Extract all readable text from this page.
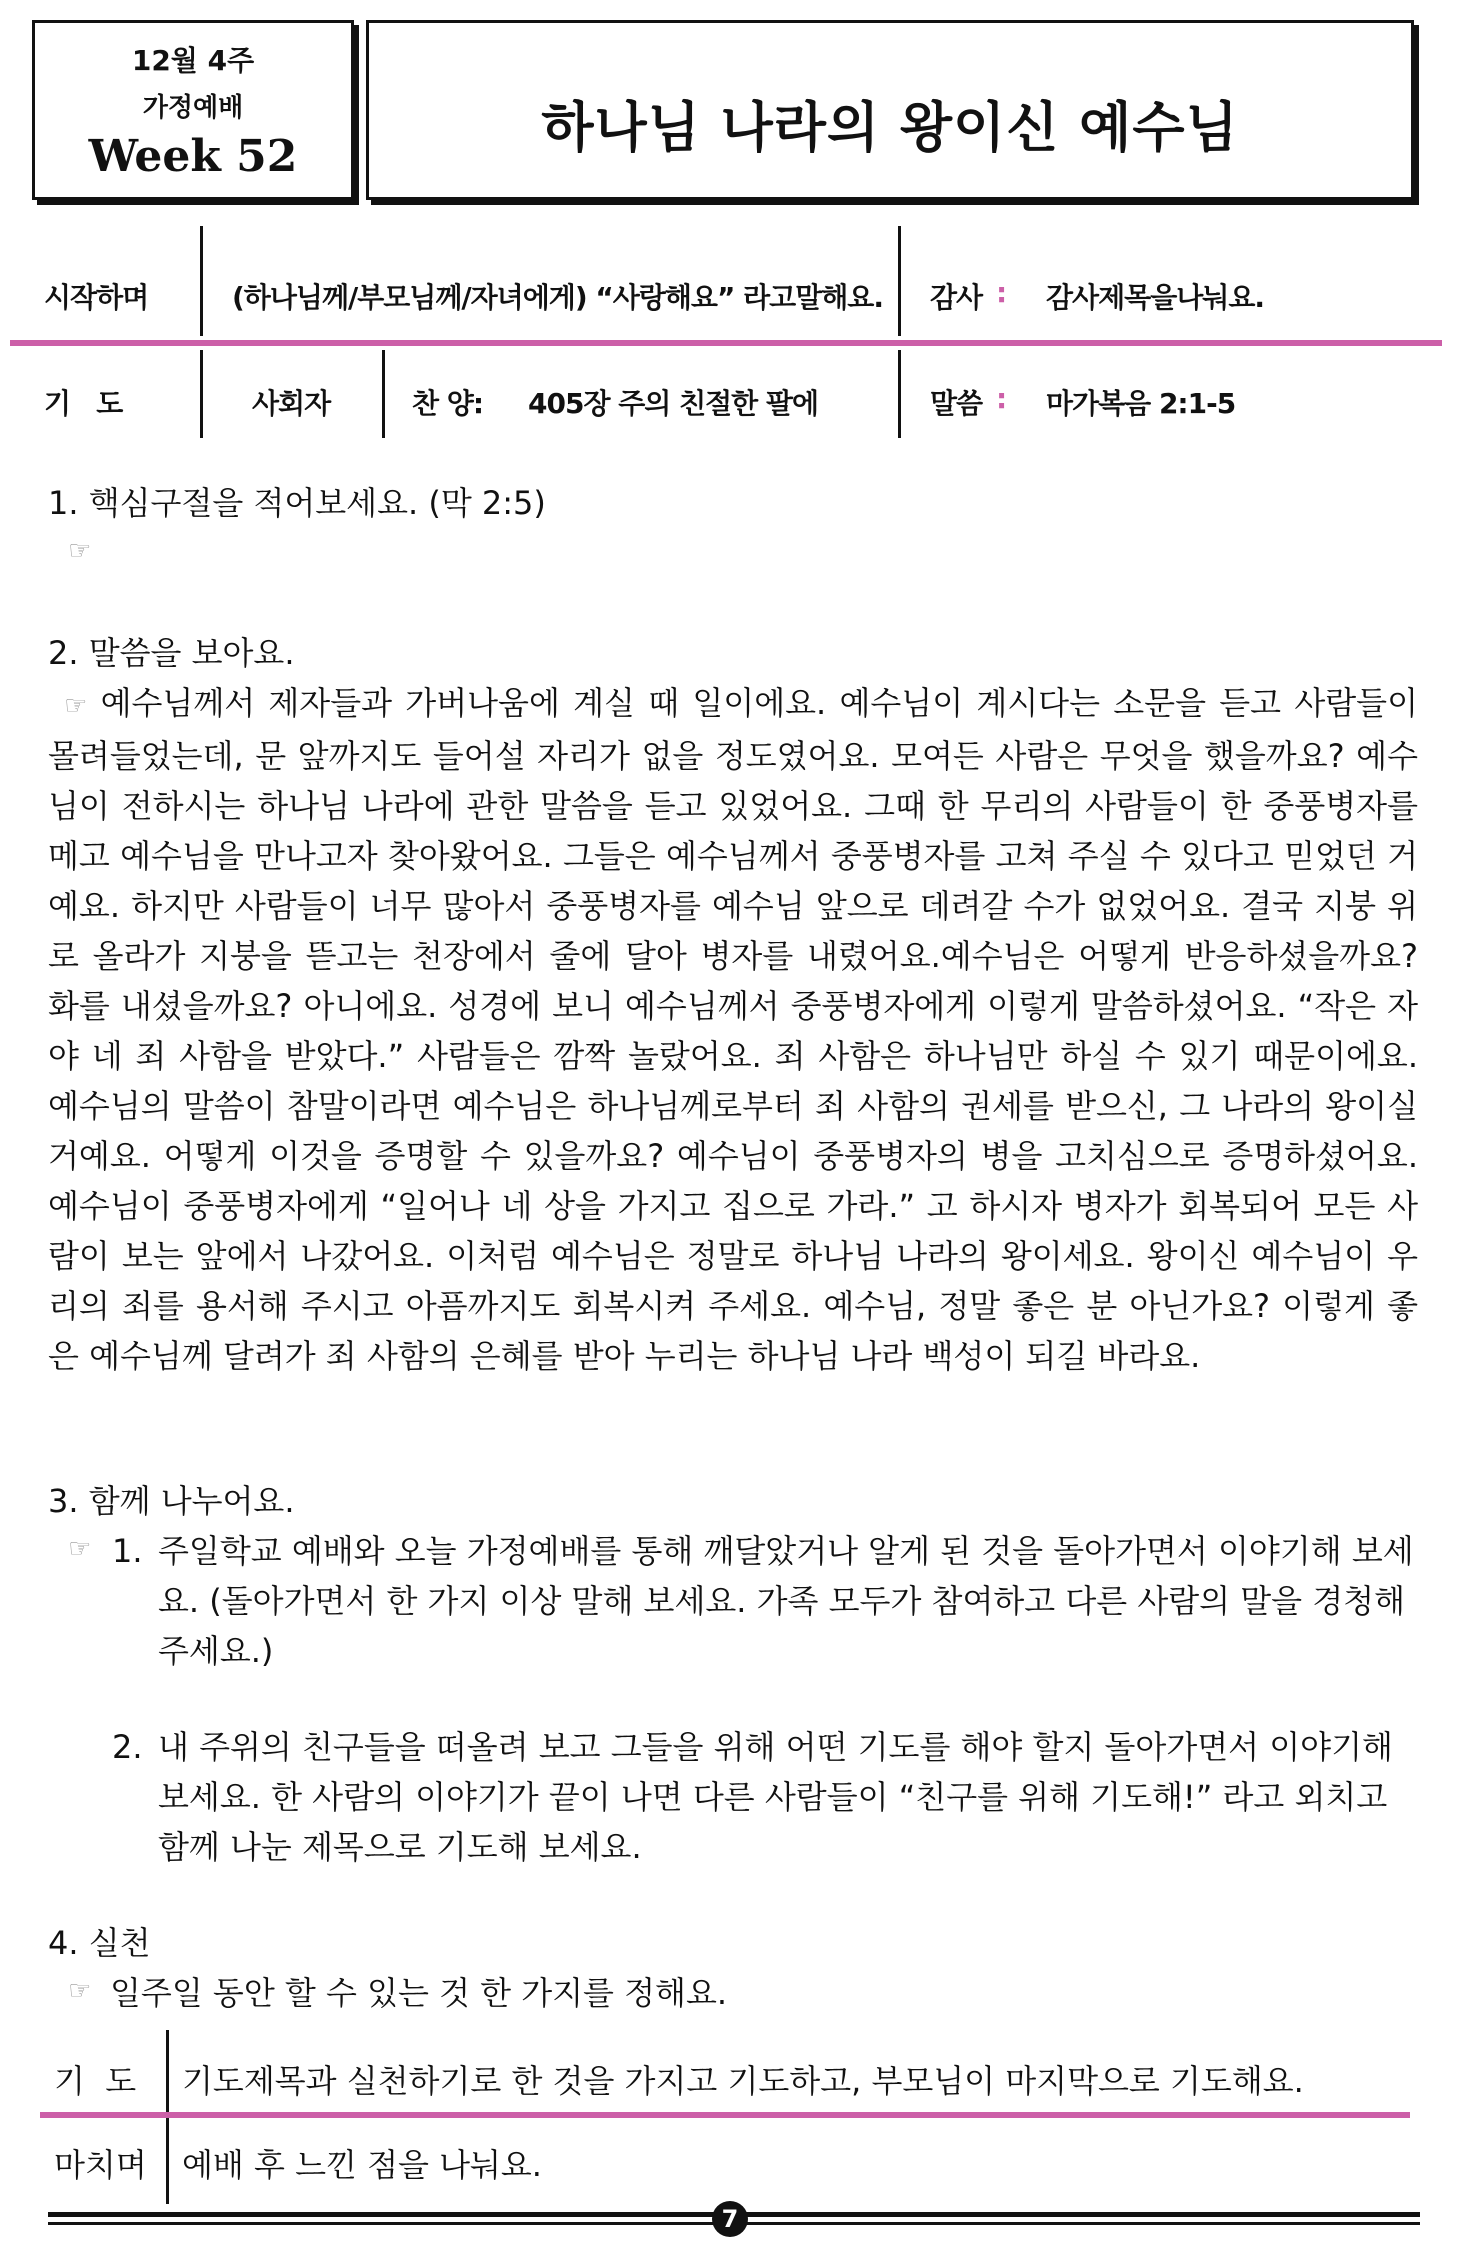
12월 4주
가정예배
Week 52	하나님 나라의 왕이신 예수님
시작하며	(하나님께/부모님께/자녀에게) “사랑해요” 라고말해요. 감사 : 감사제목을나눠요.
기   도	사회자	찬 양: 405장 주의 친절한 팔에	말씀 : 마가복음 2:1-5
1. 핵심구절을 적어보세요. (막 2:5)
☞
2. 말씀을 보아요.
☞ 예수님께서 제자들과 가버나움에 계실 때 일이에요. 예수님이 계시다는 소문을 듣고 사람들이 몰려들었는데, 문 앞까지도 들어설 자리가 없을 정도였어요. 모여든 사람은 무엇을 했을까요? 예수님이 전하시는 하나님 나라에 관한 말씀을 듣고 있었어요. 그때 한 무리의 사람들이 한 중풍병자를 메고 예수님을 만나고자 찾아왔어요. 그들은 예수님께서 중풍병자를 고쳐 주실 수 있다고 믿었던 거예요. 하지만 사람들이 너무 많아서 중풍병자를 예수님 앞으로 데려갈 수가 없었어요. 결국 지붕 위로 올라가 지붕을 뜯고는 천장에서 줄에 달아 병자를 내렸어요.예수님은 어떻게 반응하셨을까요? 화를 내셨을까요? 아니에요. 성경에 보니 예수님께서 중풍병자에게 이렇게 말씀하셨어요. “작은 자야 네 죄 사함을 받았다.” 사람들은 깜짝 놀랐어요. 죄 사함은 하나님만 하실 수 있기 때문이에요. 예수님의 말씀이 참말이라면 예수님은 하나님께로부터 죄 사함의 권세를 받으신, 그 나라의 왕이실 거예요. 어떻게 이것을 증명할 수 있을까요? 예수님이 중풍병자의 병을 고치심으로 증명하셨어요. 예수님이 중풍병자에게 “일어나 네 상을 가지고 집으로 가라.” 고 하시자 병자가 회복되어 모든 사람이 보는 앞에서 나갔어요. 이처럼 예수님은 정말로 하나님 나라의 왕이세요. 왕이신 예수님이 우리의 죄를 용서해 주시고 아픔까지도 회복시켜 주세요. 예수님, 정말 좋은 분 아닌가요? 이렇게 좋은 예수님께 달려가 죄 사함의 은혜를 받아 누리는 하나님 나라 백성이 되길 바라요.
3. 함께 나누어요.
☞ 1. 주일학교 예배와 오늘 가정예배를 통해 깨달았거나 알게 된 것을 돌아가면서 이야기해 보세요. (돌아가면서 한 가지 이상 말해 보세요. 가족 모두가 참여하고 다른 사람의 말을 경청해 주세요.)
2. 내 주위의 친구들을 떠올려 보고 그들을 위해 어떤 기도를 해야 할지 돌아가면서 이야기해 보세요. 한 사람의 이야기가 끝이 나면 다른 사람들이 “친구를 위해 기도해!” 라고 외치고 함께 나눈 제목으로 기도해 보세요.
4. 실천
☞ 일주일 동안 할 수 있는 것 한 가지를 정해요.
기  도 기도제목과 실천하기로 한 것을 가지고 기도하고, 부모님이 마지막으로 기도해요.
마치며 예배 후 느낀 점을 나눠요.
7
